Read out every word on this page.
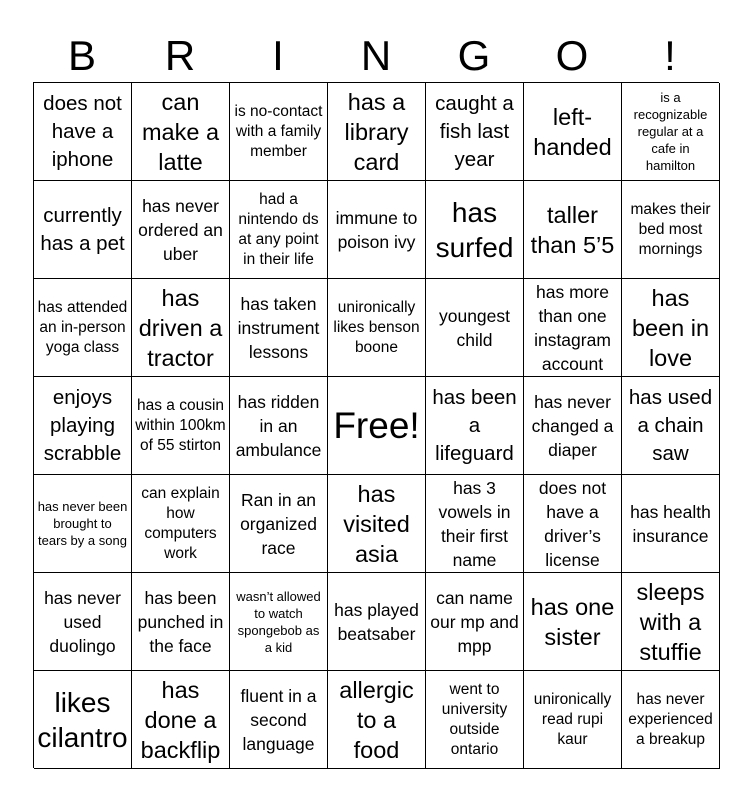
B	R	I	N	G	O	!
does not have a iphone
can make a latte
is no-contact with a family member
has a library card
caught a fish last year
left-handed
is a recognizable regular at a cafe in hamilton
currently has a pet
has never ordered an uber
had a nintendo ds at any point in their life
immune to poison ivy
has surfed
taller than 5’5
makes their bed most mornings
has attended an in-person yoga class
has driven a tractor
has taken instrument lessons
unironically likes benson boone
youngest child
has more than one instagram account
has been in love
enjoys playing scrabble
has a cousin within 100km of 55 stirton
has ridden in an ambulance
Free!
has been a lifeguard
has never changed a diaper
has used a chain saw
has never been brought to tears by a song
can explain how computers work
Ran in an organized race
has visited asia
has 3 vowels in their first name
does not have a driver’s license
has health insurance
has never used duolingo
has been punched in the face
wasn’t allowed to watch spongebob as a kid
has played beatsaber
can name our mp and mpp
has one sister
sleeps with a stuffie
likes cilantro
has done a backflip
fluent in a second language
allergic to a food
went to university outside ontario
unironically read rupi kaur
has never experienced a breakup
